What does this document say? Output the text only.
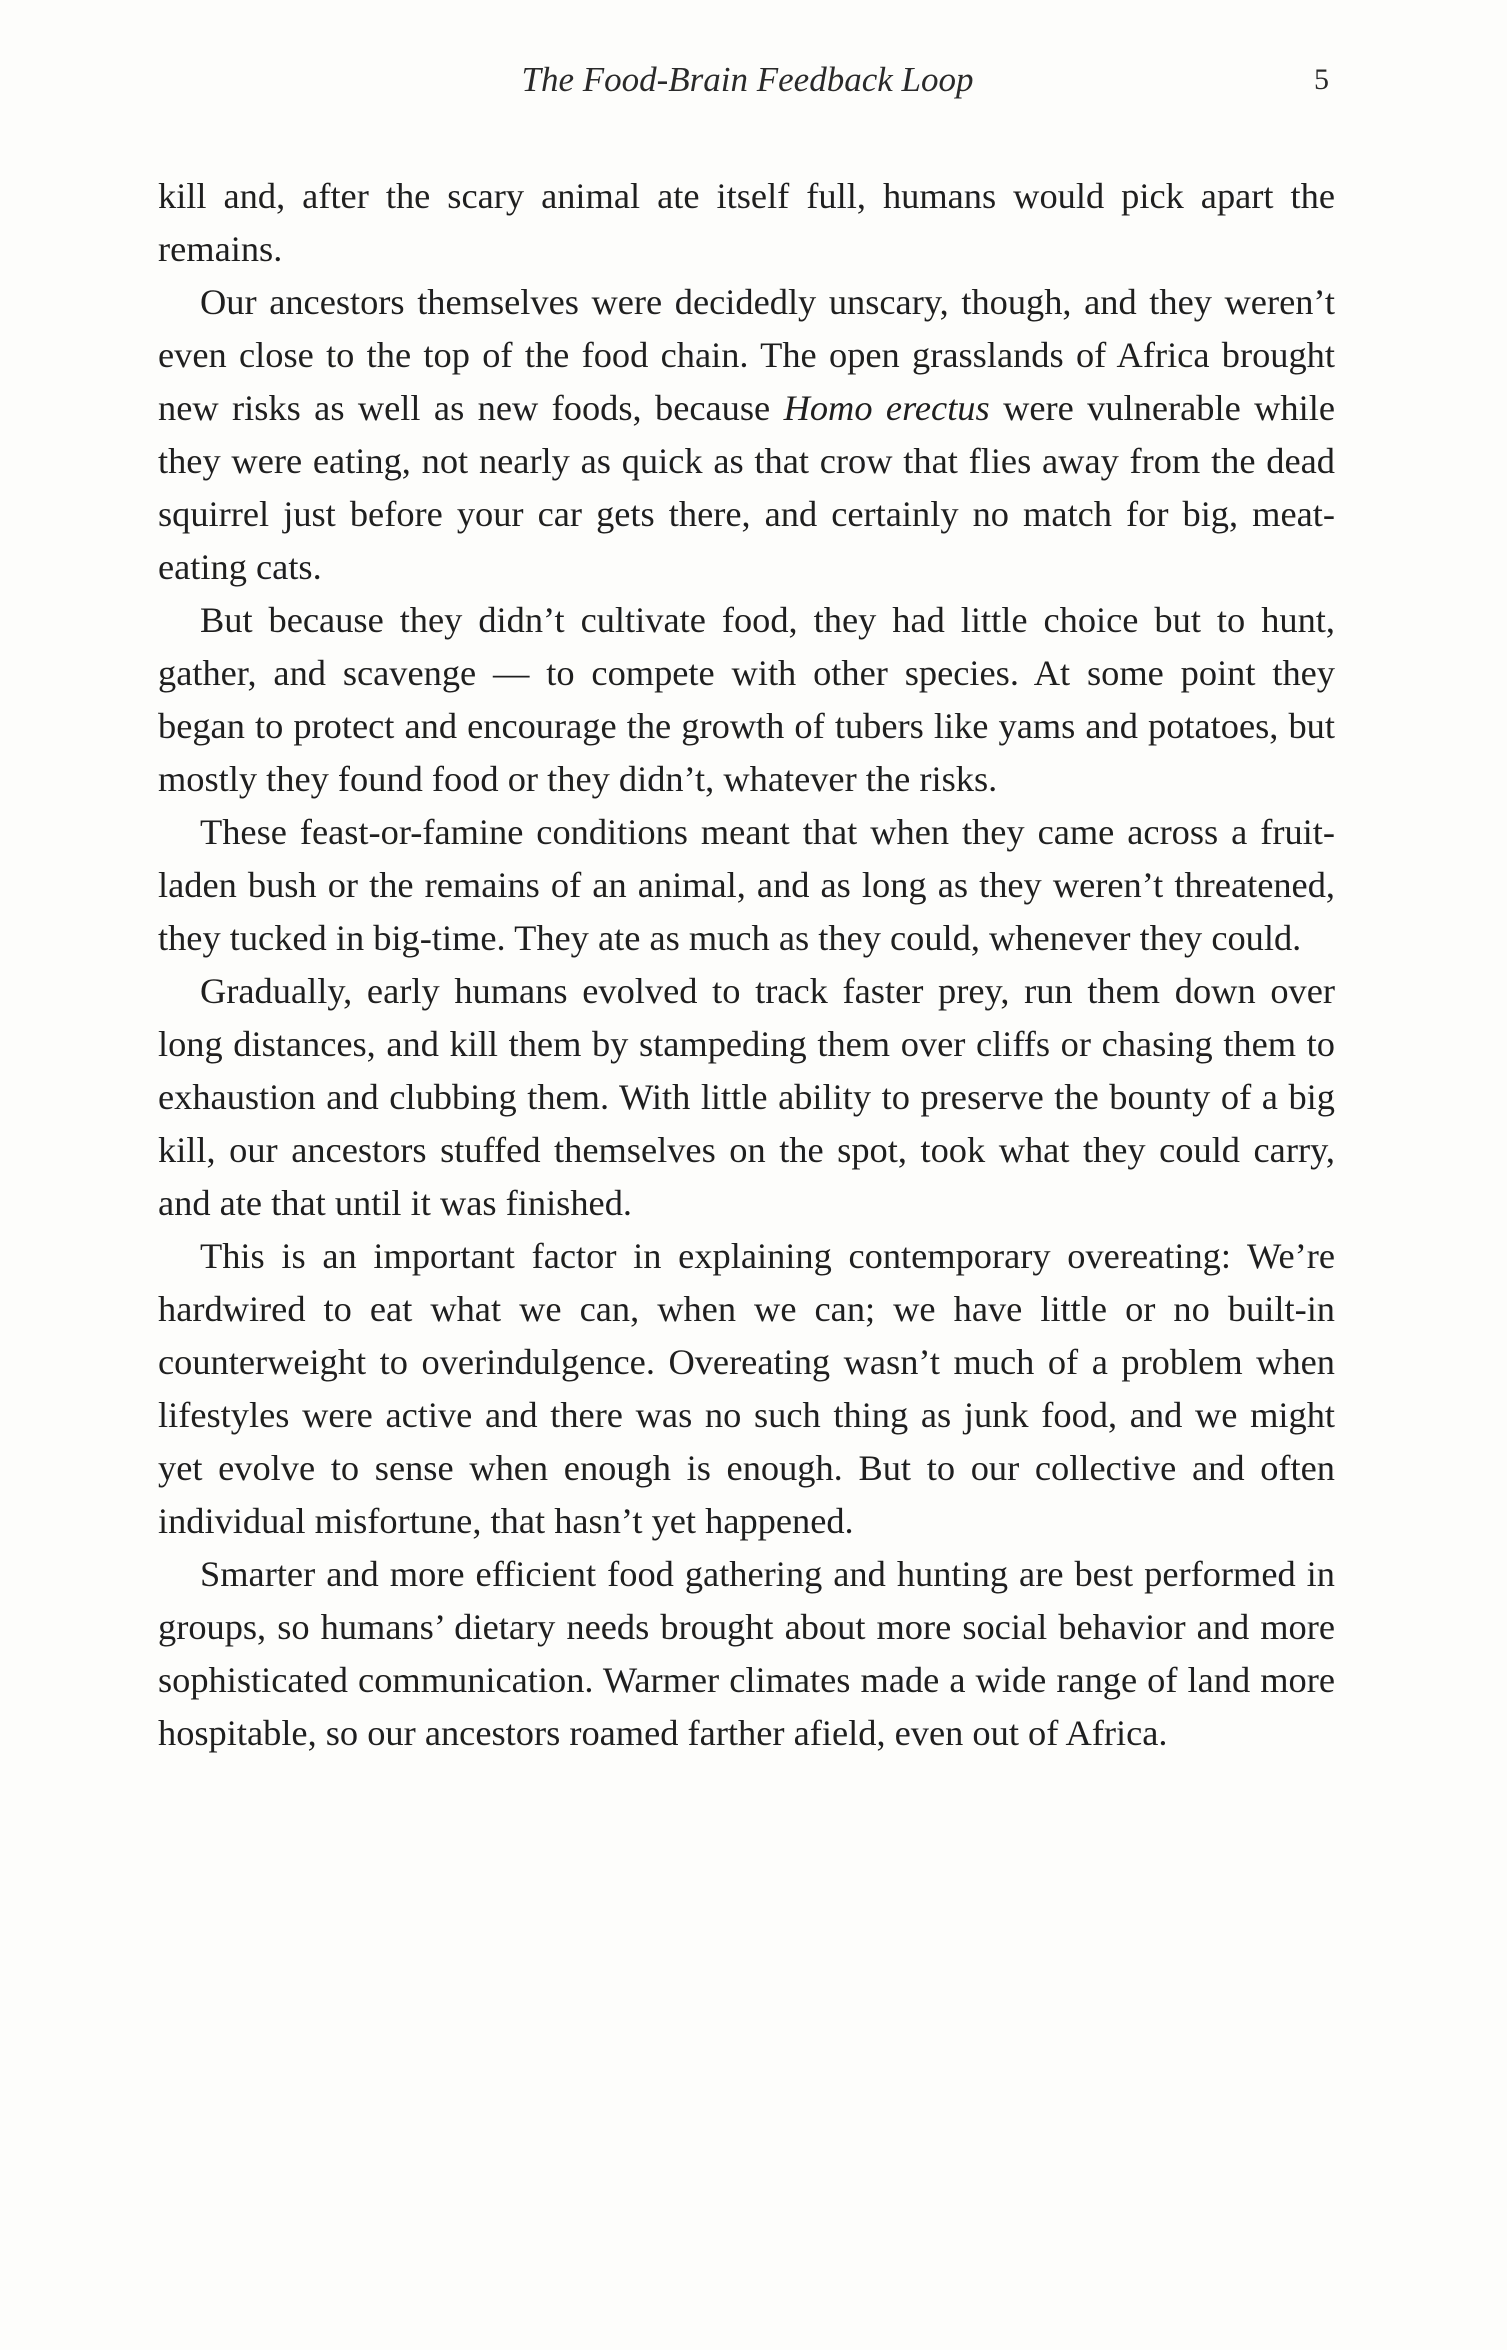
The Food-Brain Feedback Loop	5

kill and, after the scary animal ate itself full, humans would pick apart the remains.

Our ancestors themselves were decidedly unscary, though, and they weren’t even close to the top of the food chain. The open grasslands of Africa brought new risks as well as new foods, because Homo erectus were vulnerable while they were eating, not nearly as quick as that crow that flies away from the dead squirrel just before your car gets there, and certainly no match for big, meat-eating cats.

But because they didn’t cultivate food, they had little choice but to hunt, gather, and scavenge — to compete with other species. At some point they began to protect and encourage the growth of tubers like yams and potatoes, but mostly they found food or they didn’t, whatever the risks.

These feast-or-famine conditions meant that when they came across a fruit-laden bush or the remains of an animal, and as long as they weren’t threatened, they tucked in big-time. They ate as much as they could, whenever they could.

Gradually, early humans evolved to track faster prey, run them down over long distances, and kill them by stampeding them over cliffs or chasing them to exhaustion and clubbing them. With little ability to preserve the bounty of a big kill, our ancestors stuffed themselves on the spot, took what they could carry, and ate that until it was finished.

This is an important factor in explaining contemporary overeating: We’re hardwired to eat what we can, when we can; we have little or no built-in counterweight to overindulgence. Overeating wasn’t much of a problem when lifestyles were active and there was no such thing as junk food, and we might yet evolve to sense when enough is enough. But to our collective and often individual misfortune, that hasn’t yet happened.

Smarter and more efficient food gathering and hunting are best performed in groups, so humans’ dietary needs brought about more social behavior and more sophisticated communication. Warmer climates made a wide range of land more hospitable, so our ancestors roamed farther afield, even out of Africa.
